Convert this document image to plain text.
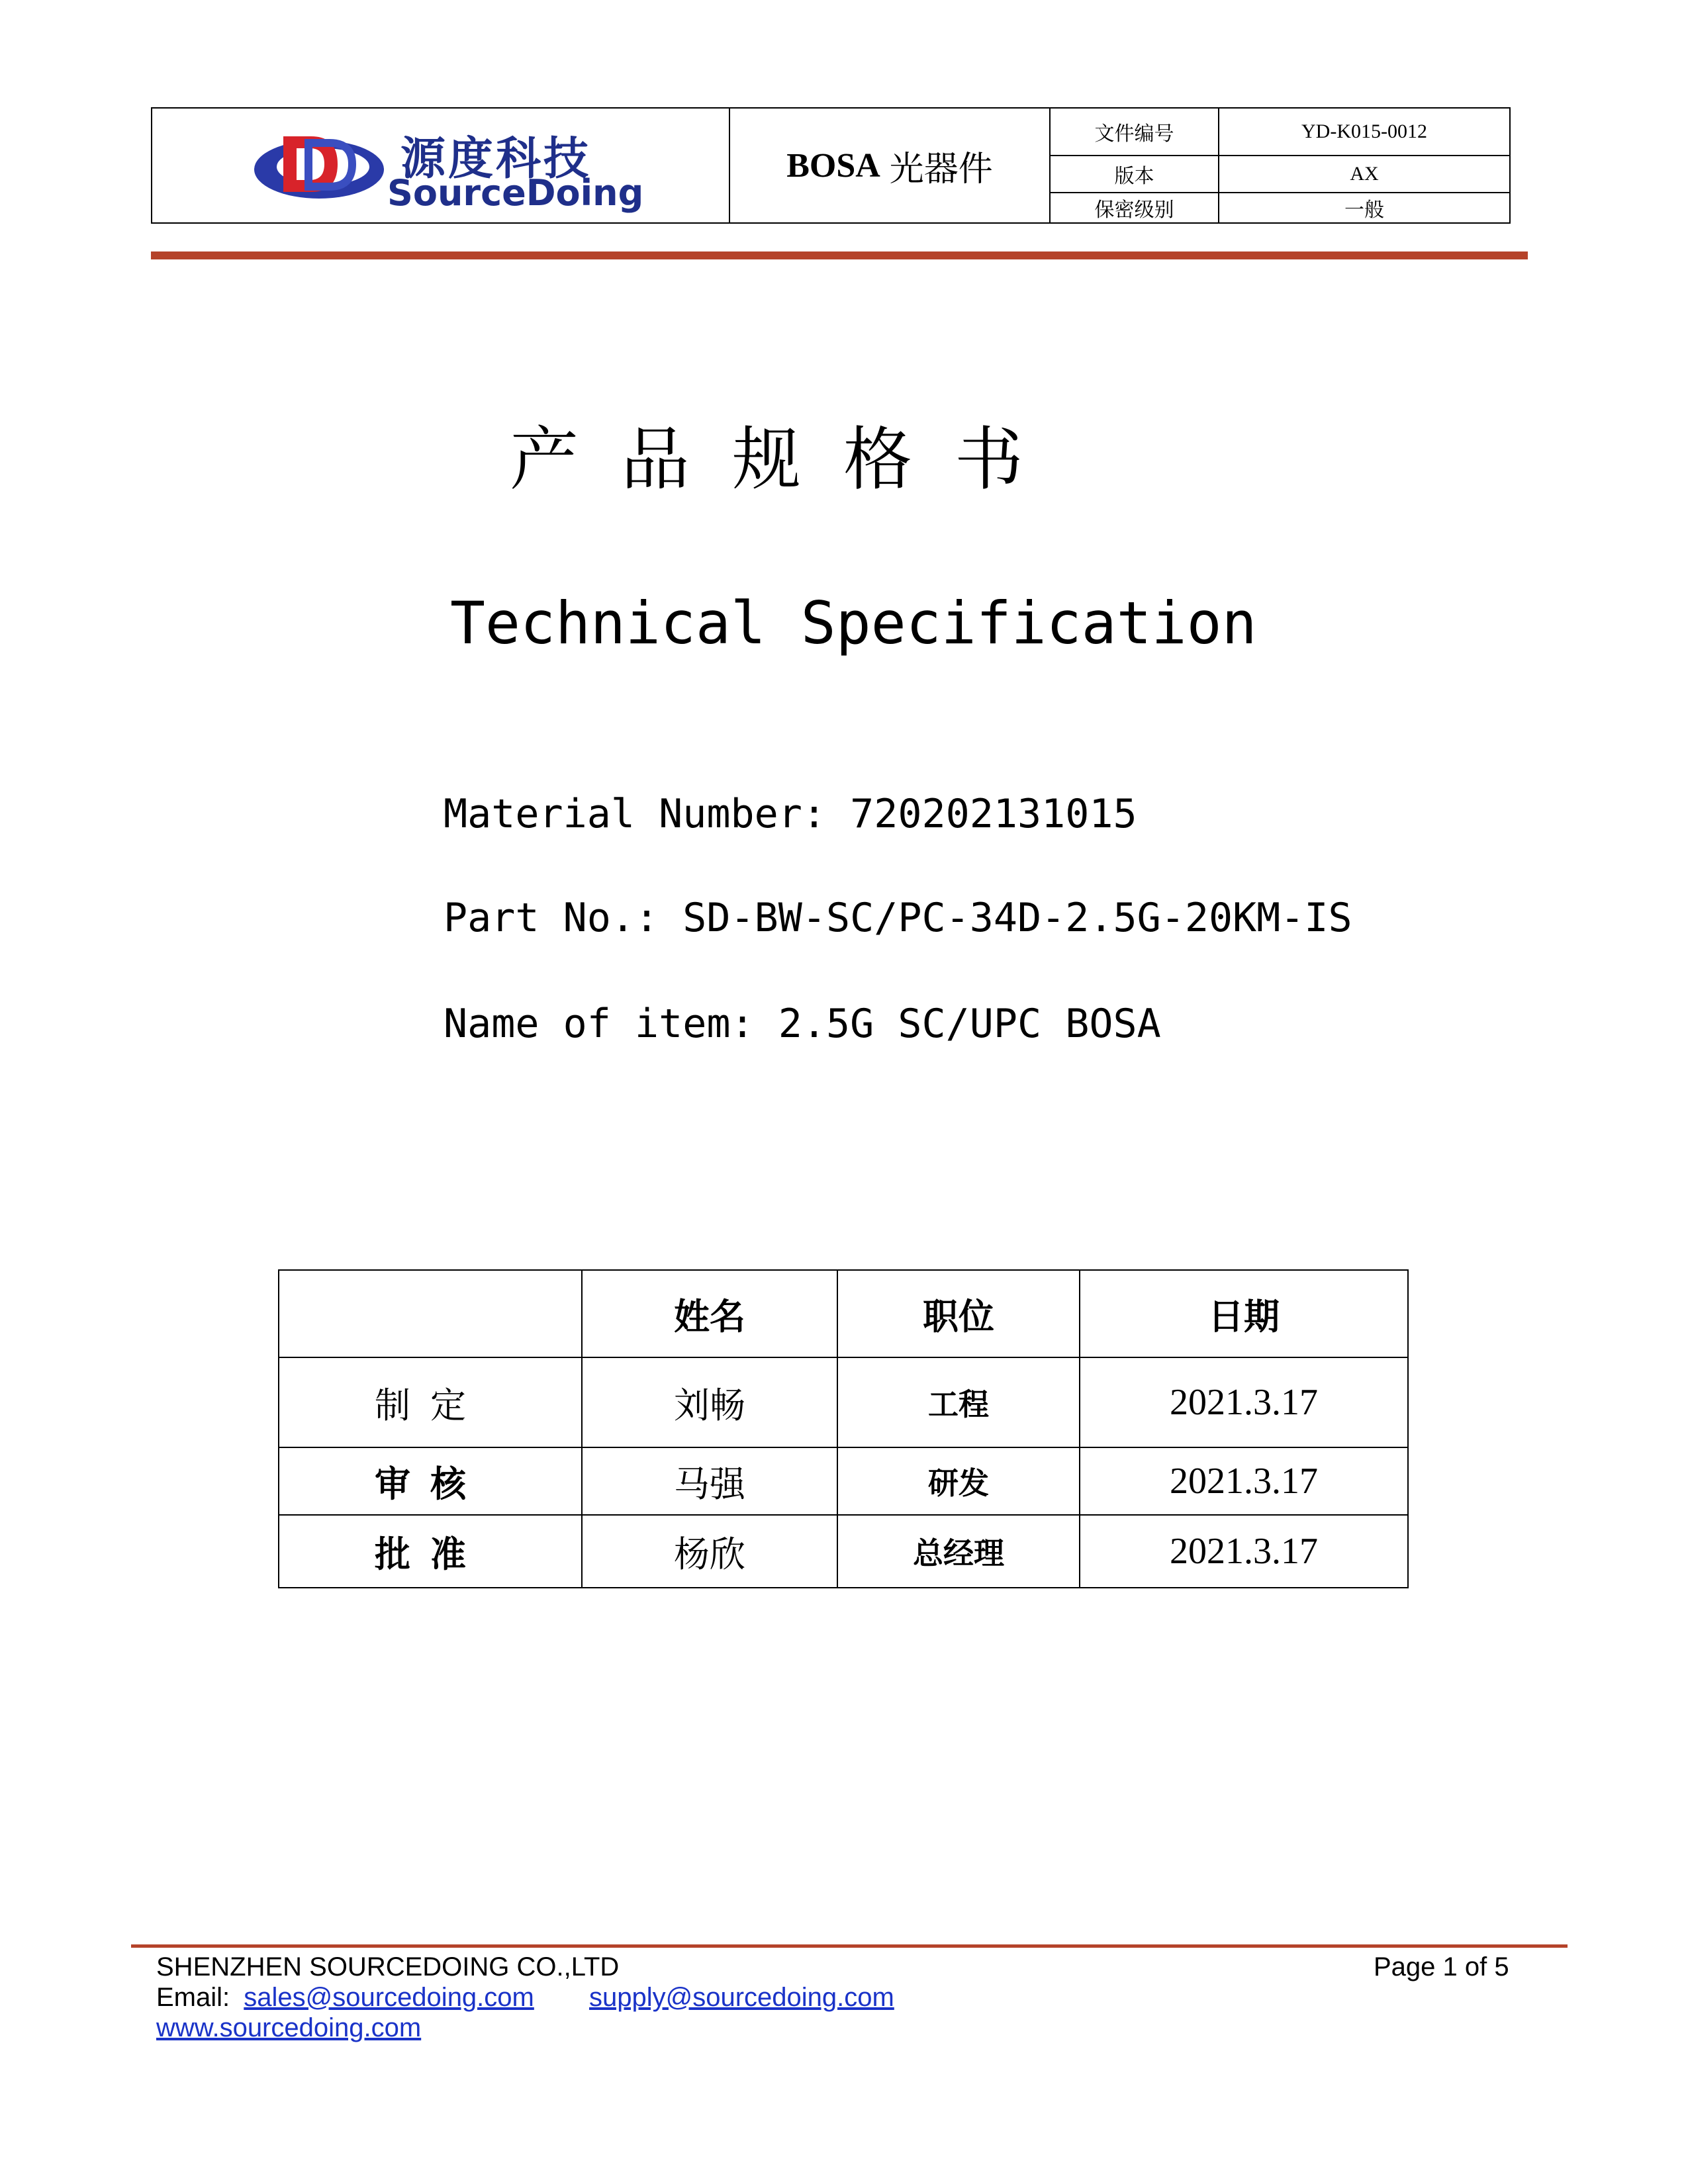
源度科技
SourceDoing
BOSA 光器件
文件编号	YD-K015-0012
版本	AX
保密级别	一般
产品规格书
Technical Specification
Material Number: 720202131015
Part No.: SD-BW-SC/PC-34D-2.5G-20KM-IS
Name of item: 2.5G SC/UPC BOSA
	姓名	职位	日期
制定	刘畅	工程	2021.3.17
审核	马强	研发	2021.3.17
批准	杨欣	总经理	2021.3.17
SHENZHEN SOURCEDOING CO.,LTD	Page 1 of 5
Email: sales@sourcedoing.com supply@sourcedoing.com
www.sourcedoing.com
